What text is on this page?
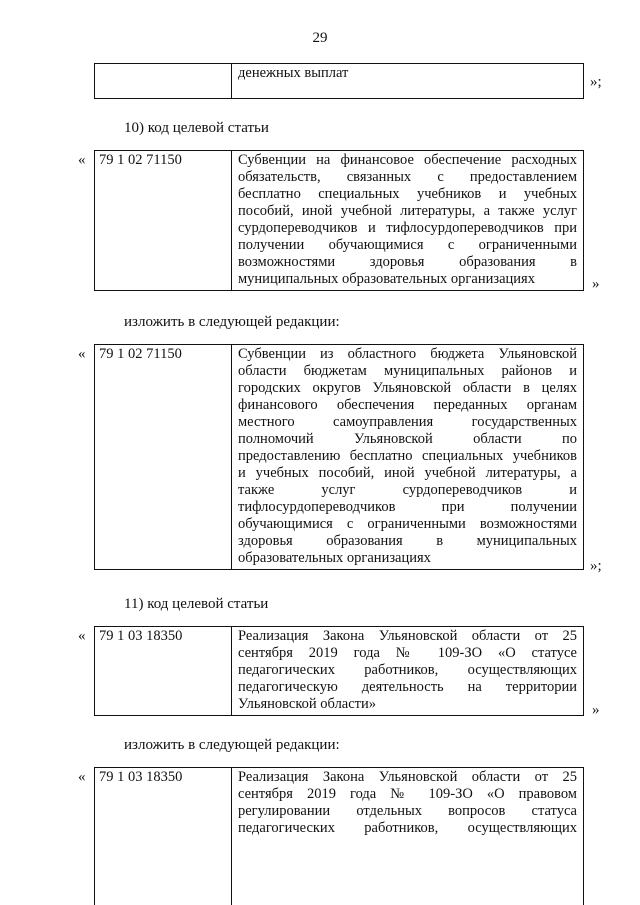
29
денежных выплат
»;
10) код целевой статьи
« 79 1 02 71150	Субвенции на финансовое обеспечение расходных
обязательств, связанных с предоставлением
бесплатно специальных учебников и учебных
пособий, иной учебной литературы, а также услуг
сурдопереводчиков и тифлосурдопереводчиков при
получении обучающимися с ограниченными
возможностями здоровья образования в
муниципальных образовательных организациях	»
изложить в следующей редакции:
« 79 1 02 71150	Субвенции из областного бюджета Ульяновской
области бюджетам муниципальных районов и
городских округов Ульяновской области в целях
финансового обеспечения переданных органам
местного самоуправления государственных
полномочий Ульяновской области по
предоставлению бесплатно специальных учебников
и учебных пособий, иной учебной литературы, а
также услуг сурдопереводчиков и
тифлосурдопереводчиков при получении
обучающимися с ограниченными возможностями
здоровья образования в муниципальных
образовательных организациях	»;
11) код целевой статьи
« 79 1 03 18350	Реализация Закона Ульяновской области от 25
сентября 2019 года № 109-ЗО «О статусе
педагогических работников, осуществляющих
педагогическую деятельность на территории
Ульяновской области»	»
изложить в следующей редакции:
« 79 1 03 18350	Реализация Закона Ульяновской области от 25
сентября 2019 года № 109-ЗО «О правовом
регулировании отдельных вопросов статуса
педагогических работников, осуществляющих
